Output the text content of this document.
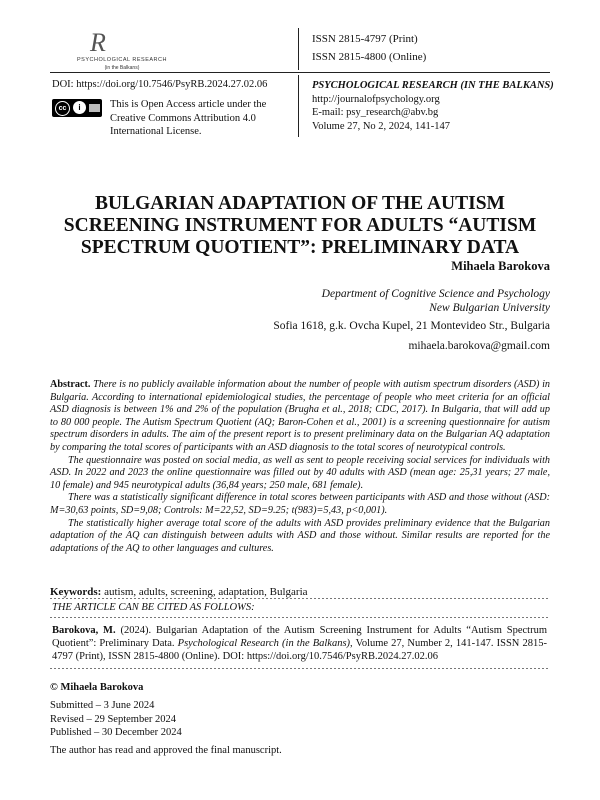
R
PSYCHOLOGICAL RESEARCH
(in the Balkans)
ISSN 2815-4797 (Print)
ISSN 2815-4800 (Online)
DOI: https://doi.org/10.7546/PsyRB.2024.27.02.06
cc	i	This is Open Access article under the Creative Commons Attribution 4.0 International License.
PSYCHOLOGICAL RESEARCH (IN THE BALKANS)
http://journalofpsychology.org
E-mail: psy_research@abv.bg
Volume 27, No 2, 2024, 141-147
BULGARIAN ADAPTATION OF THE AUTISM SCREENING INSTRUMENT FOR ADULTS “AUTISM SPECTRUM QUOTIENT”: PRELIMINARY DATA
Mihaela Barokova
Department of Cognitive Science and Psychology
New Bulgarian University
Sofia 1618, g.k. Ovcha Kupel, 21 Montevideo Str., Bulgaria
mihaela.barokova@gmail.com

Abstract. There is no publicly available information about the number of people with autism spectrum disorders (ASD) in Bulgaria. According to international epidemiological studies, the percentage of people who meet criteria for an official ASD diagnosis is between 1% and 2% of the population (Brugha et al., 2018; CDC, 2017). In Bulgaria, that will add up to 80 000 people. The Autism Spectrum Quotient (AQ; Baron-Cohen et al., 2001) is a screening questionnaire for autism spectrum disorders in adults. The aim of the present report is to present preliminary data on the Bulgarian AQ adaptation by comparing the total scores of participants with an ASD diagnosis to the total scores of neurotypical controls.

The questionnaire was posted on social media, as well as sent to people receiving social services for individuals with ASD. In 2022 and 2023 the online questionnaire was filled out by 40 adults with ASD (mean age: 25,31 years; 27 male, 10 female) and 945 neurotypical adults (36,84 years; 250 male, 681 female).

There was a statistically significant difference in total scores between participants with ASD and those without (ASD: M=30,63 points, SD=9,08; Controls: M=22,52, SD=9.25; t(983)=5,43, p<0,001).

The statistically higher average total score of the adults with ASD provides preliminary evidence that the Bulgarian adaptation of the AQ can distinguish between adults with ASD and those without. Similar results are reported for the adaptations of the AQ to other languages and cultures.

Keywords: autism, adults, screening, adaptation, Bulgaria
THE ARTICLE CAN BE CITED AS FOLLOWS:
Barokova, M. (2024). Bulgarian Adaptation of the Autism Screening Instrument for Adults “Autism Spectrum Quotient”: Preliminary Data. Psychological Research (in the Balkans), Volume 27, Number 2, 141-147. ISSN 2815-4797 (Print), ISSN 2815-4800 (Online). DOI: https://doi.org/10.7546/PsyRB.2024.27.02.06
© Mihaela Barokova
Submitted – 3 June 2024
Revised – 29 September 2024
Published – 30 December 2024
The author has read and approved the final manuscript.
